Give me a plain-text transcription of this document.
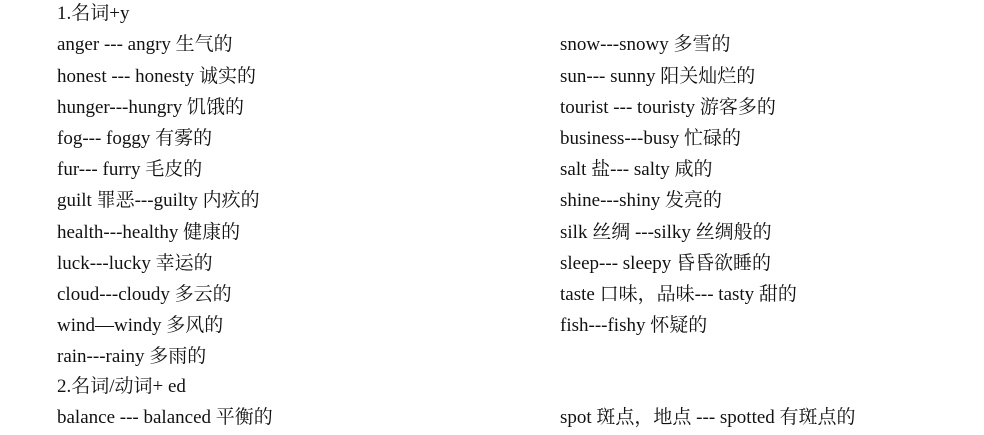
1.名词+y
anger --- angry 生气的
honest --- honesty 诚实的
hunger---hungry 饥饿的
fog--- foggy 有雾的
fur--- furry 毛皮的
guilt 罪恶---guilty 内疚的
health---healthy 健康的
luck---lucky 幸运的
cloud---cloudy 多云的
wind—windy 多风的
rain---rainy 多雨的
snow---snowy 多雪的
sun--- sunny 阳关灿烂的
tourist --- touristy 游客多的
business---busy 忙碌的
salt 盐--- salty 咸的
shine---shiny 发亮的
silk 丝绸 ---silky 丝绸般的
sleep--- sleepy 昏昏欲睡的
taste 口味，品味--- tasty 甜的
fish---fishy 怀疑的
2.名词/动词+ ed
balance --- balanced 平衡的	spot 斑点，地点 --- spotted 有斑点的
